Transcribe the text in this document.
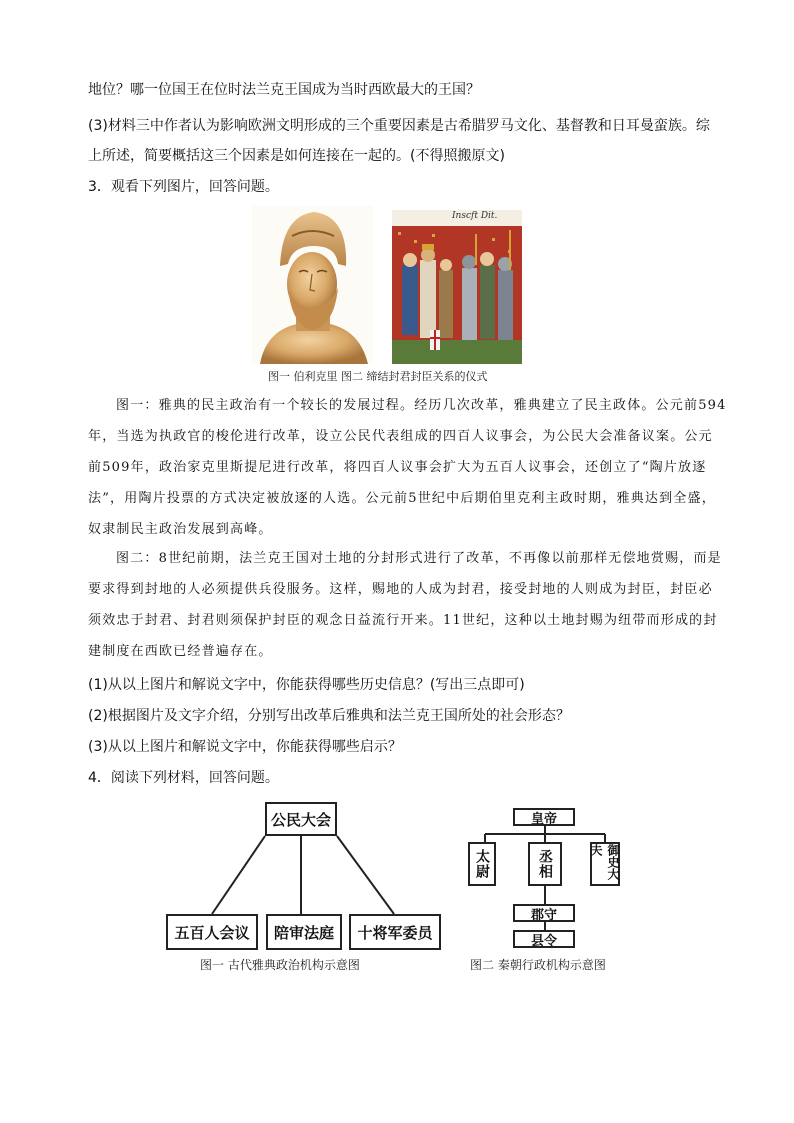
地位？哪一位国王在位时法兰克王国成为当时西欧最大的王国？
(3)材料三中作者认为影响欧洲文明形成的三个重要因素是古希腊罗马文化、基督教和日耳曼蛮族。综
上所述，简要概括这三个因素是如何连接在一起的。(不得照搬原文)
3．观看下列图片，回答问题。
Inscft Dit.
图一 伯利克里 图二 缔结封君封臣关系的仪式
图一：雅典的民主政治有一个较长的发展过程。经历几次改革，雅典建立了民主政体。公元前594
年，当选为执政官的梭伦进行改革，设立公民代表组成的四百人议事会，为公民大会准备议案。公元
前509年，政治家克里斯提尼进行改革，将四百人议事会扩大为五百人议事会，还创立了“陶片放逐
法”，用陶片投票的方式决定被放逐的人选。公元前5世纪中后期伯里克利主政时期，雅典达到全盛，
奴隶制民主政治发展到高峰。
图二：8世纪前期，法兰克王国对土地的分封形式进行了改革，不再像以前那样无偿地赏赐，而是
要求得到封地的人必须提供兵役服务。这样，赐地的人成为封君，接受封地的人则成为封臣，封臣必
须效忠于封君、封君则须保护封臣的观念日益流行开来。11世纪，这种以土地封赐为纽带而形成的封
建制度在西欧已经普遍存在。
(1)从以上图片和解说文字中，你能获得哪些历史信息？(写出三点即可)
(2)根据图片及文字介绍，分别写出改革后雅典和法兰克王国所处的社会形态？
(3)从以上图片和解说文字中，你能获得哪些启示？
4．阅读下列材料，回答问题。
公民大会
五百人会议	陪审法庭	十将军委员
图一 古代雅典政治机构示意图
皇帝
太尉	丞相	御史大夫
郡守
县令
图二 秦朝行政机构示意图
